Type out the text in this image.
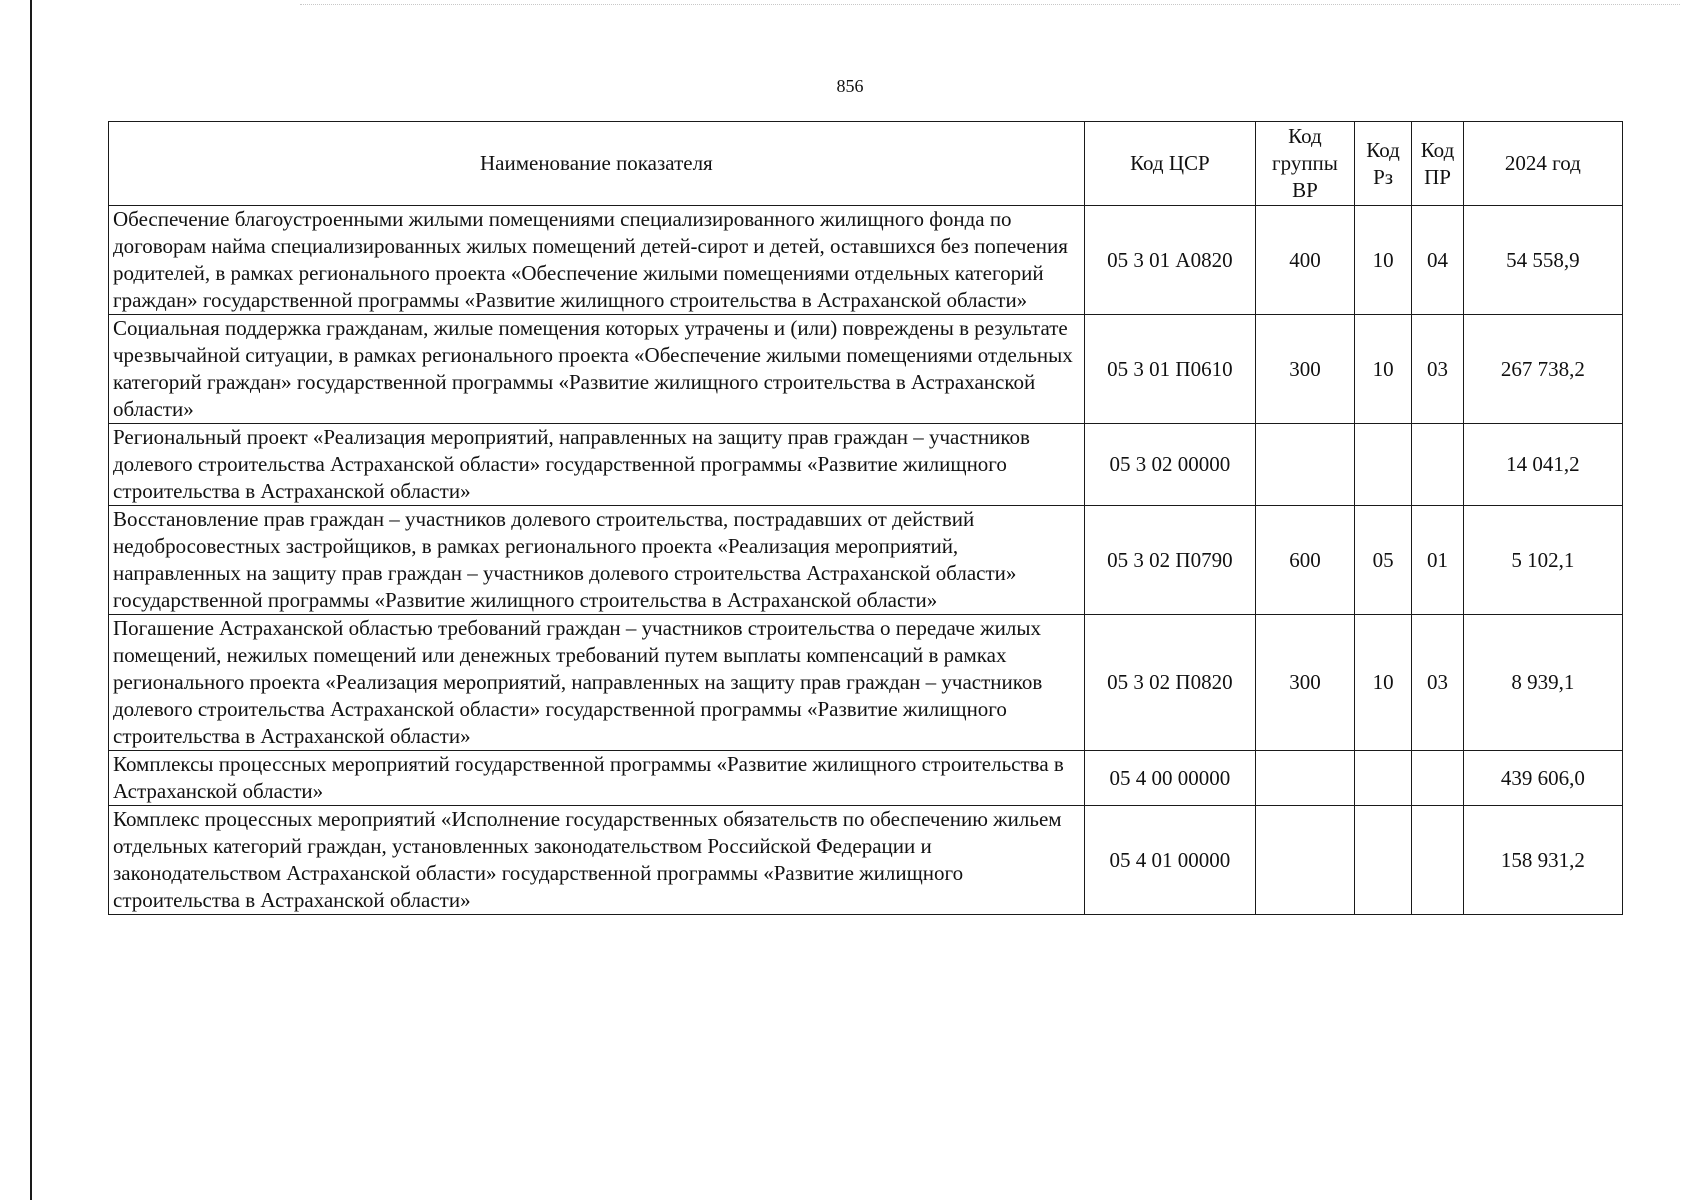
856
Наименование показателя	Код ЦСР	Код группы ВР	Код Рз	Код ПР	2024 год
Обеспечение благоустроенными жилыми помещениями специализированного жилищного фонда по договорам найма специализированных жилых помещений детей-сирот и детей, оставшихся без попечения родителей, в рамках регионального проекта «Обеспечение жилыми помещениями отдельных категорий граждан» государственной программы «Развитие жилищного строительства в Астраханской области»	05 3 01 А0820	400	10	04	54 558,9
Социальная поддержка гражданам, жилые помещения которых утрачены и (или) повреждены в результате чрезвычайной ситуации, в рамках регионального проекта «Обеспечение жилыми помещениями отдельных категорий граждан» государственной программы «Развитие жилищного строительства в Астраханской области»	05 3 01 П0610	300	10	03	267 738,2
Региональный проект «Реализация мероприятий, направленных на защиту прав граждан – участников долевого строительства Астраханской области» государственной программы «Развитие жилищного строительства в Астраханской области»	05 3 02 00000				14 041,2
Восстановление прав граждан – участников долевого строительства, пострадавших от действий недобросовестных застройщиков, в рамках регионального проекта «Реализация мероприятий, направленных на защиту прав граждан – участников долевого строительства Астраханской области» государственной программы «Развитие жилищного строительства в Астраханской области»	05 3 02 П0790	600	05	01	5 102,1
Погашение Астраханской областью требований граждан – участников строительства о передаче жилых помещений, нежилых помещений или денежных требований путем выплаты компенсаций в рамках регионального проекта «Реализация мероприятий, направленных на защиту прав граждан – участников долевого строительства Астраханской области» государственной программы «Развитие жилищного строительства в Астраханской области»	05 3 02 П0820	300	10	03	8 939,1
Комплексы процессных мероприятий государственной программы «Развитие жилищного строительства в Астраханской области»	05 4 00 00000				439 606,0
Комплекс процессных мероприятий «Исполнение государственных обязательств по обеспечению жильем отдельных категорий граждан, установленных законодательством Российской Федерации и законодательством Астраханской области» государственной программы «Развитие жилищного строительства в Астраханской области»	05 4 01 00000				158 931,2
